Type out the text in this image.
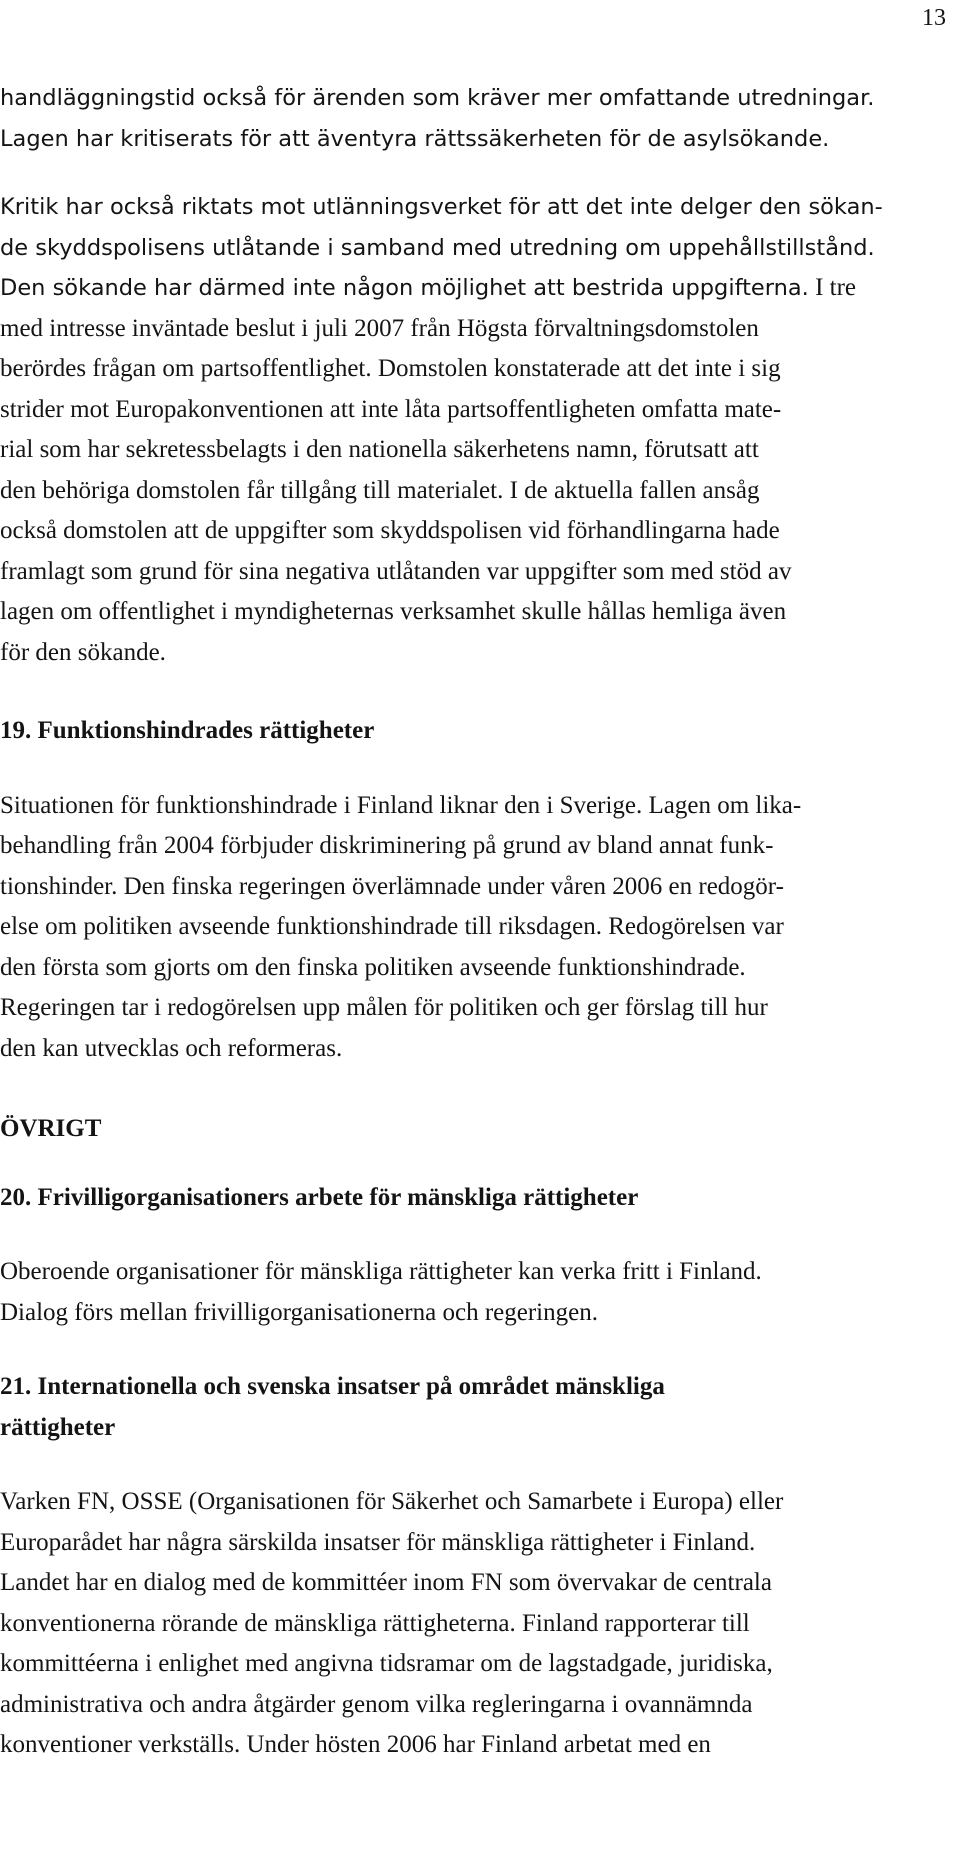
13

handläggningstid också för ärenden som kräver mer omfattande utredningar.
Lagen har kritiserats för att äventyra rättssäkerheten för de asylsökande.

Kritik har också riktats mot utlänningsverket för att det inte delger den sökan-
de skyddspolisens utlåtande i samband med utredning om uppehållstillstånd.
Den sökande har därmed inte någon möjlighet att bestrida uppgifterna. I tre
med intresse inväntade beslut i juli 2007 från Högsta förvaltningsdomstolen
berördes frågan om partsoffentlighet. Domstolen konstaterade att det inte i sig
strider mot Europakonventionen att inte låta partsoffentligheten omfatta mate-
rial som har sekretessbelagts i den nationella säkerhetens namn, förutsatt att
den behöriga domstolen får tillgång till materialet. I de aktuella fallen ansåg
också domstolen att de uppgifter som skyddspolisen vid förhandlingarna hade
framlagt som grund för sina negativa utlåtanden var uppgifter som med stöd av
lagen om offentlighet i myndigheternas verksamhet skulle hållas hemliga även
för den sökande.

19. Funktionshindrades rättigheter

Situationen för funktionshindrade i Finland liknar den i Sverige. Lagen om lika-
behandling från 2004 förbjuder diskriminering på grund av bland annat funk-
tionshinder. Den finska regeringen överlämnade under våren 2006 en redogör-
else om politiken avseende funktionshindrade till riksdagen. Redogörelsen var
den första som gjorts om den finska politiken avseende funktionshindrade.
Regeringen tar i redogörelsen upp målen för politiken och ger förslag till hur
den kan utvecklas och reformeras.

ÖVRIGT
20. Frivilligorganisationers arbete för mänskliga rättigheter

Oberoende organisationer för mänskliga rättigheter kan verka fritt i Finland.
Dialog förs mellan frivilligorganisationerna och regeringen.

21. Internationella och svenska insatser på området mänskliga
rättigheter

Varken FN, OSSE (Organisationen för Säkerhet och Samarbete i Europa) eller
Europarådet har några särskilda insatser för mänskliga rättigheter i Finland.
Landet har en dialog med de kommittéer inom FN som övervakar de centrala
konventionerna rörande de mänskliga rättigheterna. Finland rapporterar till
kommittéerna i enlighet med angivna tidsramar om de lagstadgade, juridiska,
administrativa och andra åtgärder genom vilka regleringarna i ovannämnda
konventioner verkställs. Under hösten 2006 har Finland arbetat med en
